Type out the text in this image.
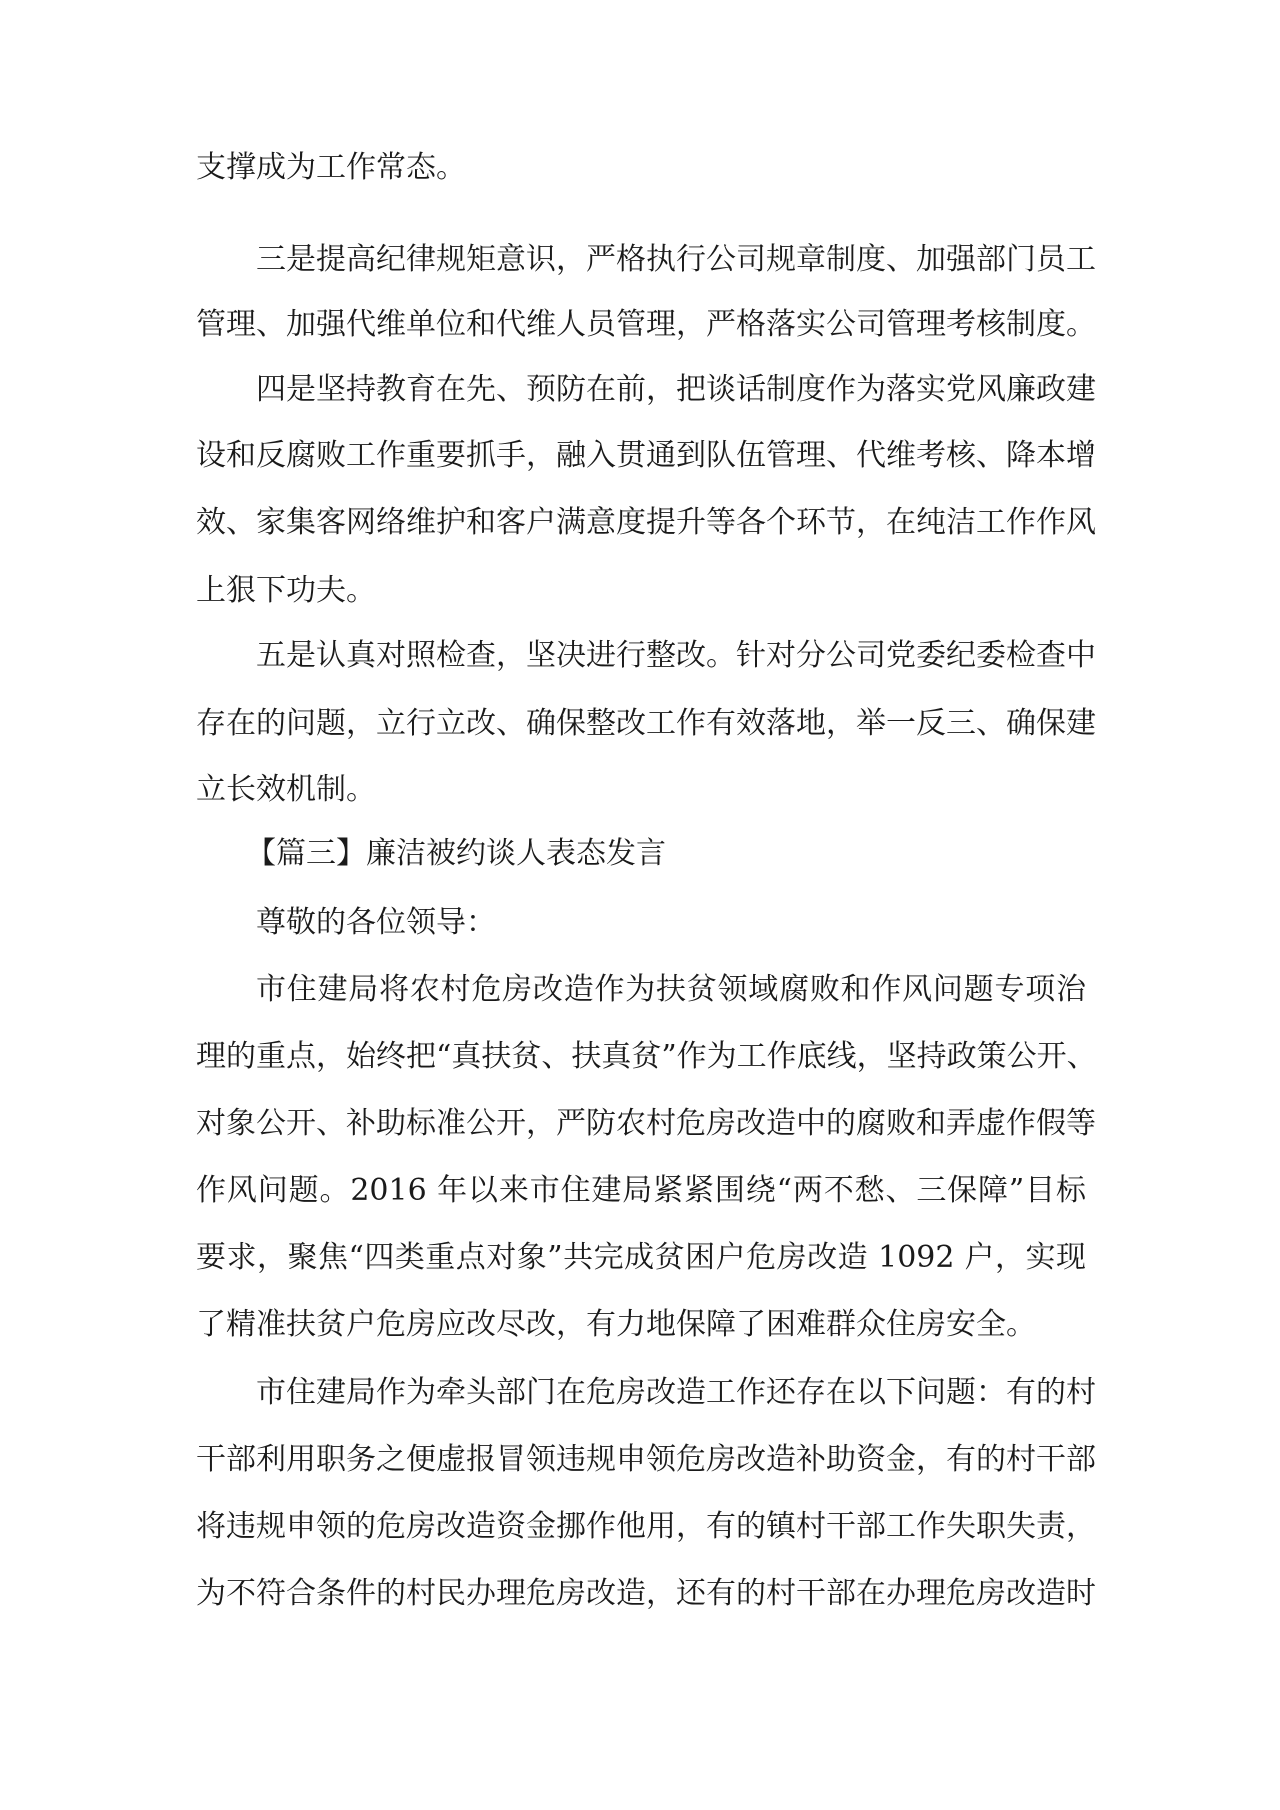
支撑成为工作常态。

三是提高纪律规矩意识，严格执行公司规章制度、加强部门员工

管理、加强代维单位和代维人员管理，严格落实公司管理考核制度。

四是坚持教育在先、预防在前，把谈话制度作为落实党风廉政建

设和反腐败工作重要抓手，融入贯通到队伍管理、代维考核、降本增

效、家集客网络维护和客户满意度提升等各个环节，在纯洁工作作风

上狠下功夫。

五是认真对照检查，坚决进行整改。针对分公司党委纪委检查中

存在的问题，立行立改、确保整改工作有效落地，举一反三、确保建

立长效机制。

【篇三】廉洁被约谈人表态发言

尊敬的各位领导：

市住建局将农村危房改造作为扶贫领域腐败和作风问题专项治

理的重点，始终把“真扶贫、扶真贫”作为工作底线，坚持政策公开、

对象公开、补助标准公开，严防农村危房改造中的腐败和弄虚作假等

作风问题。2016 年以来市住建局紧紧围绕“两不愁、三保障”目标

要求，聚焦“四类重点对象”共完成贫困户危房改造 1092 户，实现

了精准扶贫户危房应改尽改，有力地保障了困难群众住房安全。

市住建局作为牵头部门在危房改造工作还存在以下问题：有的村

干部利用职务之便虚报冒领违规申领危房改造补助资金，有的村干部

将违规申领的危房改造资金挪作他用，有的镇村干部工作失职失责，

为不符合条件的村民办理危房改造，还有的村干部在办理危房改造时
